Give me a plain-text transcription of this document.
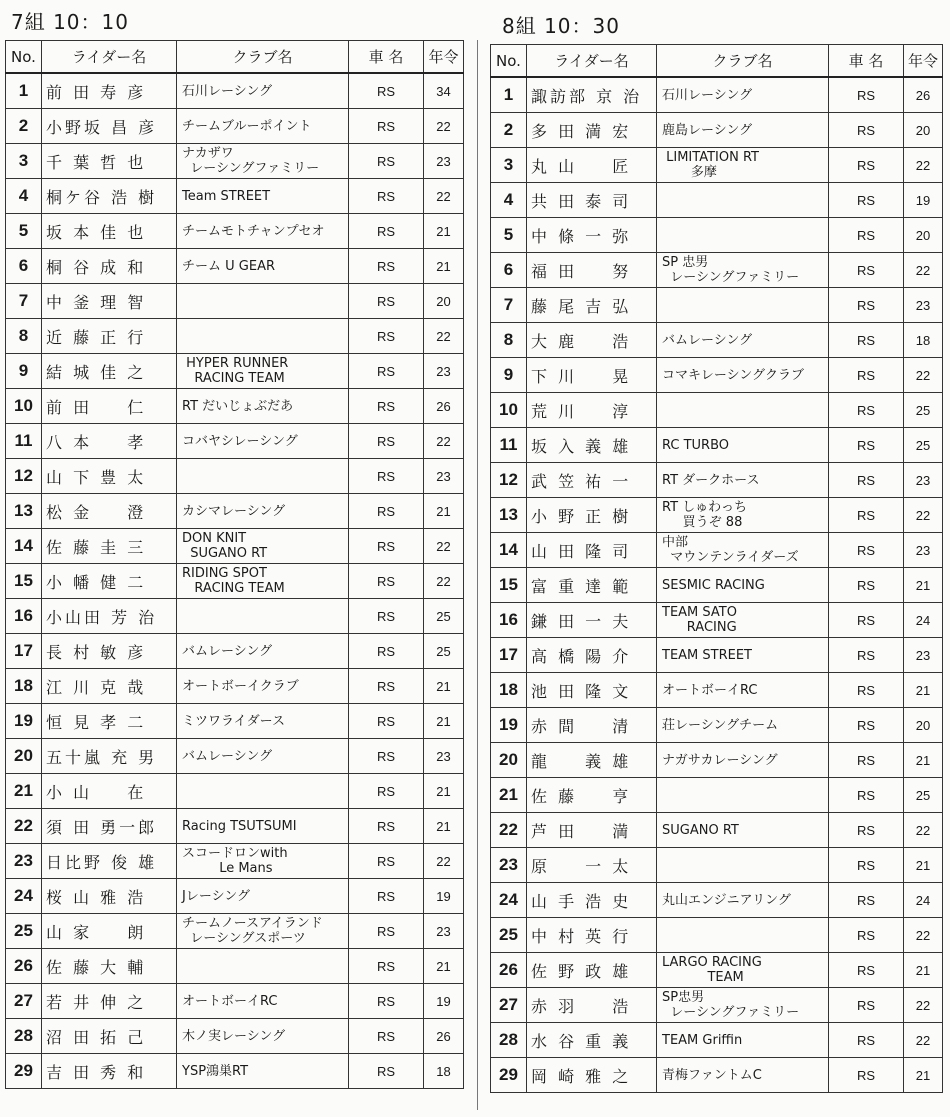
7組 10：10
No.	ライダー名	クラブ名	車 名	年令
1	前 田 寿 彦	石川レーシング	RS	34
2	小野坂 昌 彦	チームブルーポイント	RS	22
3	千 葉 哲 也	ナカザワ
レーシングファミリー	RS	23
4	桐ケ谷 浩 樹	Team STREET	RS	22
5	坂 本 佳 也	チームモトチャンプセオ	RS	21
6	桐 谷 成 和	チーム U GEAR	RS	21
7	中 釜 理 智		RS	20
8	近 藤 正 行		RS	22
9	結 城 佳 之	HYPER RUNNER
RACING TEAM	RS	23
10	前 田 　 仁	RT だいじょぶだあ	RS	26
11	八 本 　 孝	コバヤシレーシング	RS	22
12	山 下 豊 太		RS	23
13	松 金 　 澄	カシマレーシング	RS	21
14	佐 藤 圭 三	DON KNIT
SUGANO RT	RS	22
15	小 幡 健 二	RIDING SPOT
RACING TEAM	RS	22
16	小山田 芳 治		RS	25
17	長 村 敏 彦	バムレーシング	RS	25
18	江 川 克 哉	オートボーイクラブ	RS	21
19	恒 見 孝 二	ミツワライダース	RS	21
20	五十嵐 充 男	バムレーシング	RS	23
21	小 山 　 在		RS	21
22	須 田 勇一郎	Racing TSUTSUMI	RS	21
23	日比野 俊 雄	スコードロンwith
Le Mans	RS	22
24	桜 山 雅 浩	Jレーシング	RS	19
25	山 家 　 朗	チームノースアイランド
レーシングスポーツ	RS	23
26	佐 藤 大 輔		RS	21
27	若 井 伸 之	オートボーイRC	RS	19
28	沼 田 拓 己	木ノ実レーシング	RS	26
29	吉 田 秀 和	YSP鴻巣RT	RS	18
8組 10：30
No.	ライダー名	クラブ名	車 名	年令
1	諏訪部 京 治	石川レーシング	RS	26
2	多 田 満 宏	鹿島レーシング	RS	20
3	丸 山 　 匠	LIMITATION RT
多摩	RS	22
4	共 田 泰 司		RS	19
5	中 條 一 弥		RS	20
6	福 田 　 努	SP 忠男
レーシングファミリー	RS	22
7	藤 尾 吉 弘		RS	23
8	大 鹿 　 浩	バムレーシング	RS	18
9	下 川 　 晃	コマキレーシングクラブ	RS	22
10	荒 川 　 淳		RS	25
11	坂 入 義 雄	RC TURBO	RS	25
12	武 笠 祐 一	RT ダークホース	RS	23
13	小 野 正 樹	RT しゅわっち
買うぞ 88	RS	22
14	山 田 隆 司	中部
マウンテンライダーズ	RS	23
15	富 重 達 範	SESMIC RACING	RS	21
16	鎌 田 一 夫	TEAM SATO
RACING	RS	24
17	高 橋 陽 介	TEAM STREET	RS	23
18	池 田 隆 文	オートボーイRC	RS	21
19	赤 間 　 清	荘レーシングチーム	RS	20
20	龍 　 義 雄	ナガサカレーシング	RS	21
21	佐 藤 　 亨		RS	25
22	芦 田 　 満	SUGANO RT	RS	22
23	原 　 一 太		RS	21
24	山 手 浩 史	丸山エンジニアリング	RS	24
25	中 村 英 行		RS	22
26	佐 野 政 雄	LARGO RACING
TEAM	RS	21
27	赤 羽 　 浩	SP忠男
レーシングファミリー	RS	22
28	水 谷 重 義	TEAM Griffin	RS	22
29	岡 崎 雅 之	青梅ファントムC	RS	21
